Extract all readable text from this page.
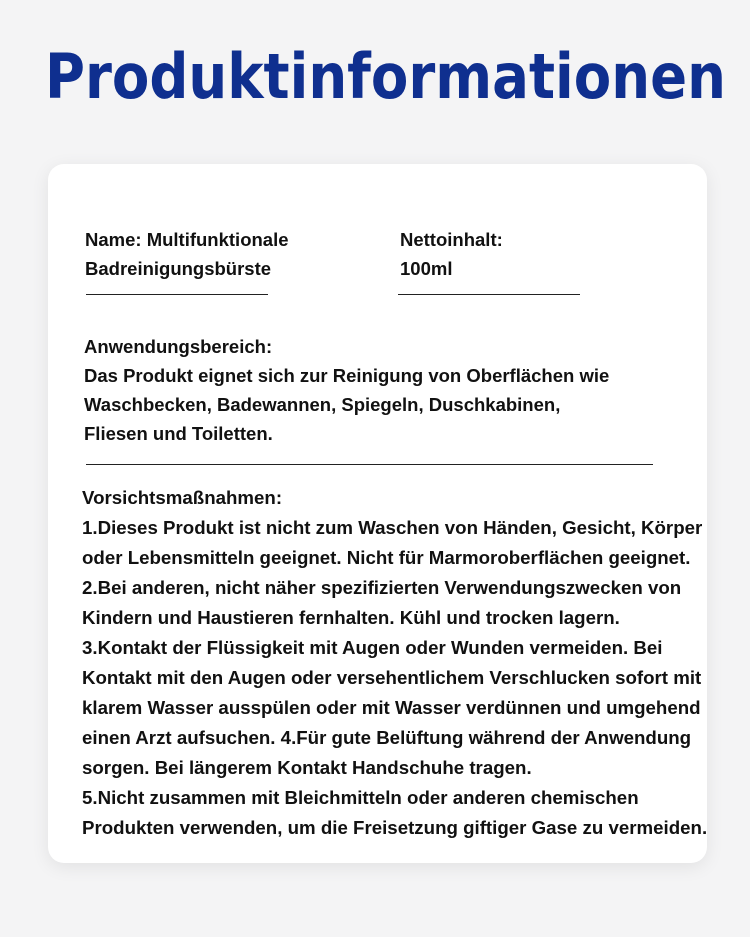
Produktinformationen
Name: Multifunktionale
Badreinigungsbürste
Nettoinhalt:
100ml
Anwendungsbereich:
Das Produkt eignet sich zur Reinigung von Oberflächen wie
Waschbecken, Badewannen, Spiegeln, Duschkabinen,
Fliesen und Toiletten.
Vorsichtsmaßnahmen:
1.Dieses Produkt ist nicht zum Waschen von Händen, Gesicht, Körper
oder Lebensmitteln geeignet. Nicht für Marmoroberflächen geeignet.
2.Bei anderen, nicht näher spezifizierten Verwendungszwecken von
Kindern und Haustieren fernhalten. Kühl und trocken lagern.
3.Kontakt der Flüssigkeit mit Augen oder Wunden vermeiden. Bei
Kontakt mit den Augen oder versehentlichem Verschlucken sofort mit
klarem Wasser ausspülen oder mit Wasser verdünnen und umgehend
einen Arzt aufsuchen. 4.Für gute Belüftung während der Anwendung
sorgen. Bei längerem Kontakt Handschuhe tragen.
5.Nicht zusammen mit Bleichmitteln oder anderen chemischen
Produkten verwenden, um die Freisetzung giftiger Gase zu vermeiden.
